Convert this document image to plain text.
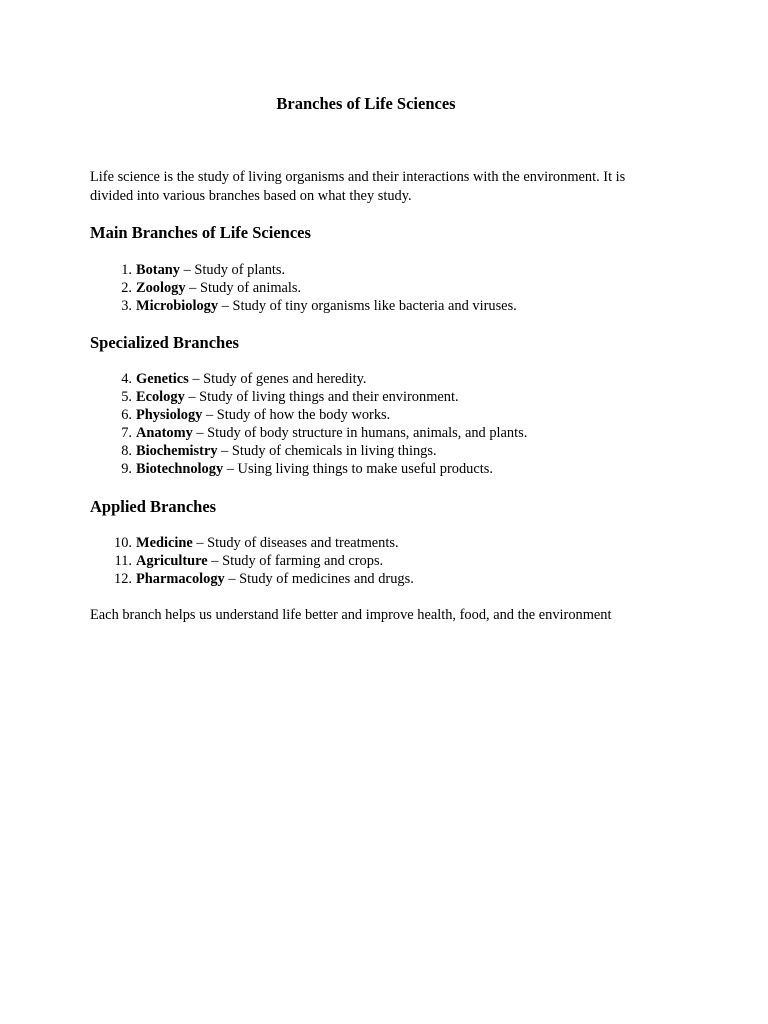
Branches of Life Sciences
Life science is the study of living organisms and their interactions with the environment. It is divided into various branches based on what they study.
Main Branches of Life Sciences
1. Botany – Study of plants.
2. Zoology – Study of animals.
3. Microbiology – Study of tiny organisms like bacteria and viruses.
Specialized Branches
4. Genetics – Study of genes and heredity.
5. Ecology – Study of living things and their environment.
6. Physiology – Study of how the body works.
7. Anatomy – Study of body structure in humans, animals, and plants.
8. Biochemistry – Study of chemicals in living things.
9. Biotechnology – Using living things to make useful products.
Applied Branches
10. Medicine – Study of diseases and treatments.
11. Agriculture – Study of farming and crops.
12. Pharmacology – Study of medicines and drugs.
Each branch helps us understand life better and improve health, food, and the environment
